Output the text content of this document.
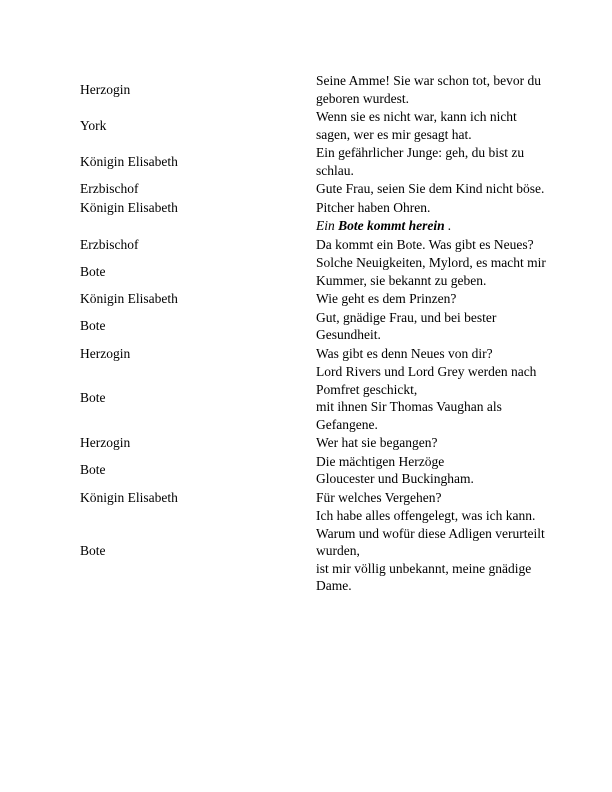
Herzogin	Seine Amme! Sie war schon tot, bevor du geboren wurdest.

York	Wenn sie es nicht war, kann ich nicht sagen, wer es mir gesagt hat.

Königin Elisabeth	Ein gefährlicher Junge: geh, du bist zu schlau.

Erzbischof	Gute Frau, seien Sie dem Kind nicht böse.

Königin Elisabeth	Pitcher haben Ohren.

	Ein Bote kommt herein .

Erzbischof	Da kommt ein Bote. Was gibt es Neues?

Bote	Solche Neuigkeiten, Mylord, es macht mir Kummer, sie bekannt zu geben.

Königin Elisabeth	Wie geht es dem Prinzen?

Bote	Gut, gnädige Frau, und bei bester Gesundheit.

Herzogin	Was gibt es denn Neues von dir?

Bote	Lord Rivers und Lord Grey werden nach Pomfret geschickt,
mit ihnen Sir Thomas Vaughan als Gefangene.

Herzogin	Wer hat sie begangen?

Bote	Die mächtigen Herzöge
Gloucester und Buckingham.

Königin Elisabeth	Für welches Vergehen?

Bote	Ich habe alles offengelegt, was ich kann.
Warum und wofür diese Adligen verurteilt wurden,
ist mir völlig unbekannt, meine gnädige Dame.
